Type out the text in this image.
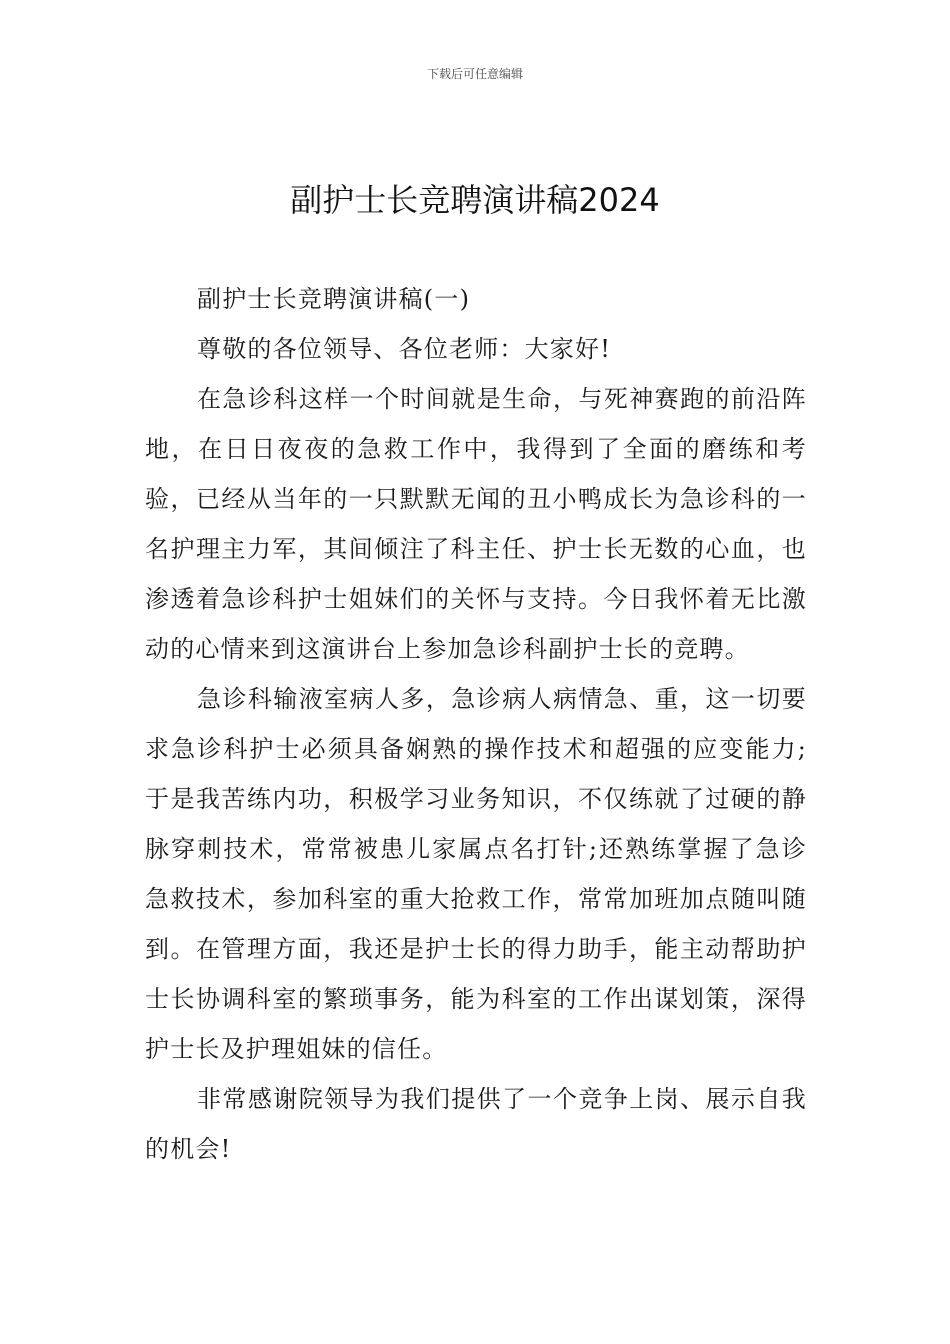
下载后可任意编辑
副护士长竞聘演讲稿2024

副护士长竞聘演讲稿(一)

尊敬的各位领导、各位老师：大家好!

在急诊科这样一个时间就是生命，与死神赛跑的前沿阵地，在日日夜夜的急救工作中，我得到了全面的磨练和考验，已经从当年的一只默默无闻的丑小鸭成长为急诊科的一名护理主力军，其间倾注了科主任、护士长无数的心血，也渗透着急诊科护士姐妹们的关怀与支持。今日我怀着无比激动的心情来到这演讲台上参加急诊科副护士长的竞聘。

急诊科输液室病人多，急诊病人病情急、重，这一切要求急诊科护士必须具备娴熟的操作技术和超强的应变能力;于是我苦练内功，积极学习业务知识，不仅练就了过硬的静脉穿刺技术，常常被患儿家属点名打针;还熟练掌握了急诊急救技术，参加科室的重大抢救工作，常常加班加点随叫随到。在管理方面，我还是护士长的得力助手，能主动帮助护士长协调科室的繁琐事务，能为科室的工作出谋划策，深得护士长及护理姐妹的信任。

非常感谢院领导为我们提供了一个竞争上岗、展示自我的机会!
